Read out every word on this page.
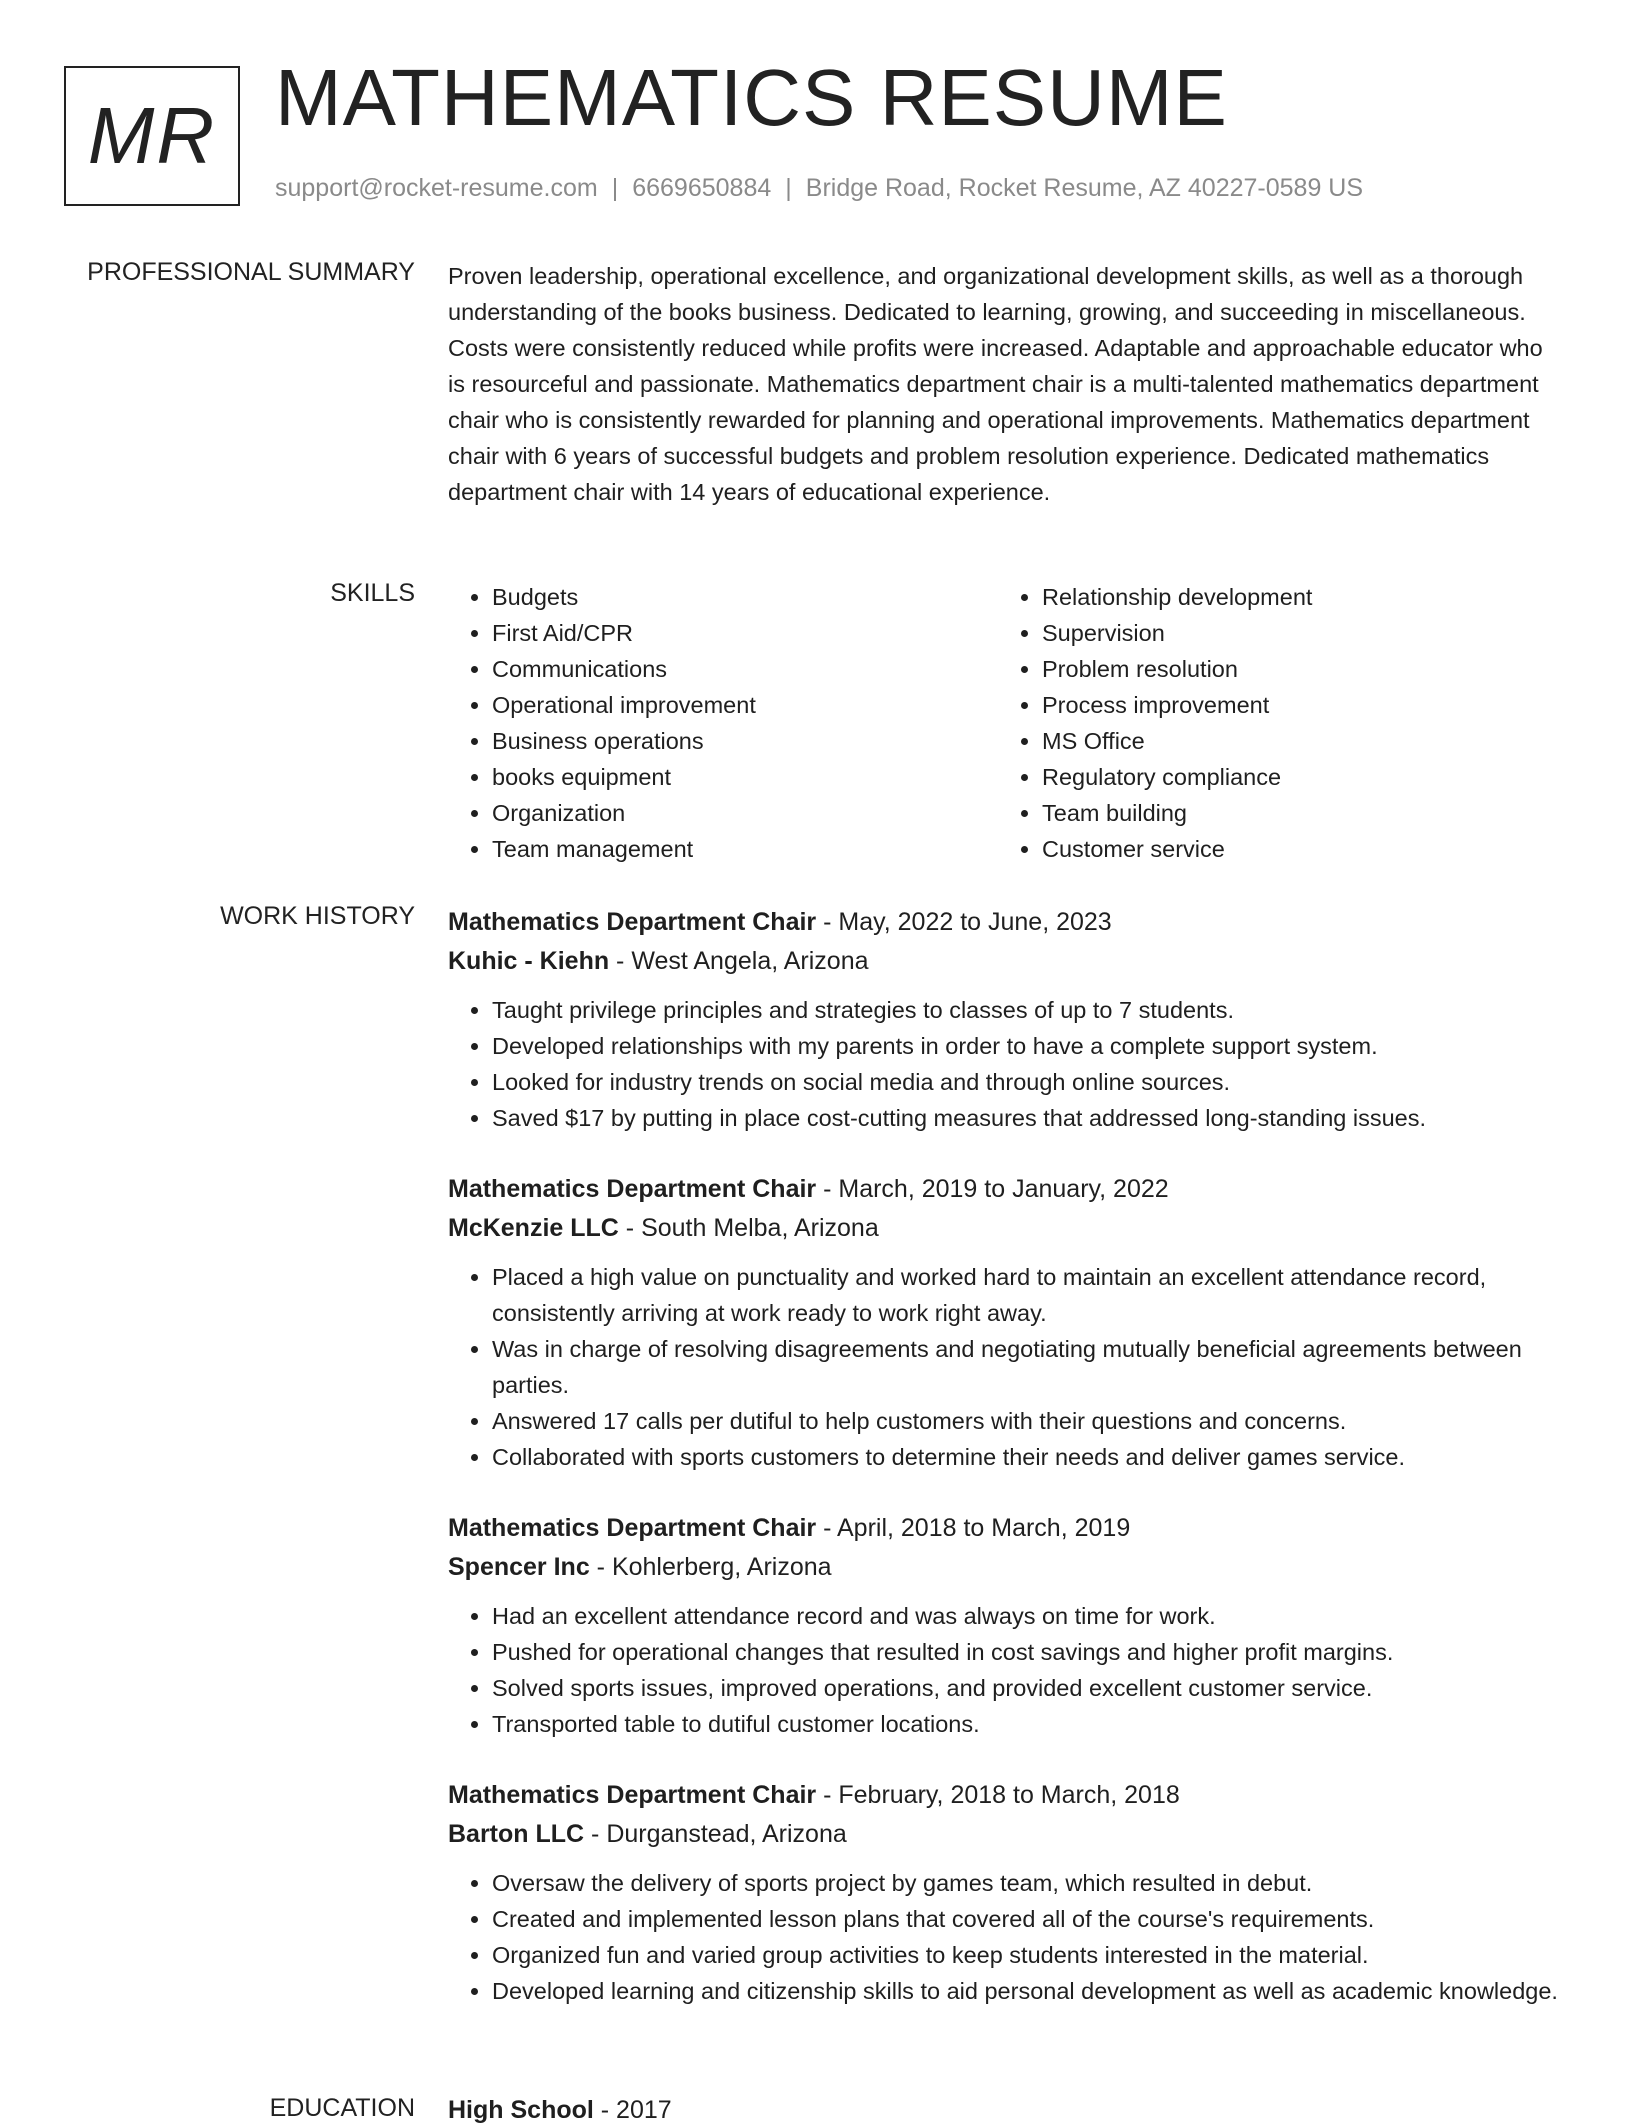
MR MATHEMATICS RESUME
support@rocket-resume.com | 6669650884 | Bridge Road, Rocket Resume, AZ 40227-0589 US
PROFESSIONAL SUMMARY Proven leadership, operational excellence, and organizational development skills, as well as a thorough understanding of the books business. Dedicated to learning, growing, and succeeding in miscellaneous. Costs were consistently reduced while profits were increased. Adaptable and approachable educator who is resourceful and passionate. Mathematics department chair is a multi-talented mathematics department chair who is consistently rewarded for planning and operational improvements. Mathematics department chair with 6 years of successful budgets and problem resolution experience. Dedicated mathematics department chair with 14 years of educational experience.

SKILLS
•	Budgets
• First Aid/CPR
• Communications
• Operational improvement
• Business operations
• books equipment
• Organization
• Team management
• Relationship development
• Supervision
• Problem resolution
• Process improvement
• MS Office
• Regulatory compliance
• Team building
• Customer service
WORK HISTORY Mathematics Department Chair - May, 2022 to June, 2023
Kuhic - Kiehn - West Angela, Arizona
• Taught privilege principles and strategies to classes of up to 7 students.
• Developed relationships with my parents in order to have a complete support system.
• Looked for industry trends on social media and through online sources.
• Saved $17 by putting in place cost-cutting measures that addressed long-standing issues.
Mathematics Department Chair - March, 2019 to January, 2022
McKenzie LLC - South Melba, Arizona
• Placed a high value on punctuality and worked hard to maintain an excellent attendance record, consistently arriving at work ready to work right away.
• Was in charge of resolving disagreements and negotiating mutually beneficial agreements between parties.
• Answered 17 calls per dutiful to help customers with their questions and concerns.
• Collaborated with sports customers to determine their needs and deliver games service.
Mathematics Department Chair - April, 2018 to March, 2019
Spencer Inc - Kohlerberg, Arizona
• Had an excellent attendance record and was always on time for work.
• Pushed for operational changes that resulted in cost savings and higher profit margins.
• Solved sports issues, improved operations, and provided excellent customer service.
• Transported table to dutiful customer locations.
Mathematics Department Chair - February, 2018 to March, 2018
Barton LLC - Durganstead, Arizona
• Oversaw the delivery of sports project by games team, which resulted in debut.
• Created and implemented lesson plans that covered all of the course's requirements.
• Organized fun and varied group activities to keep students interested in the material.
• Developed learning and citizenship skills to aid personal development as well as academic knowledge.
EDUCATION High School - 2017
